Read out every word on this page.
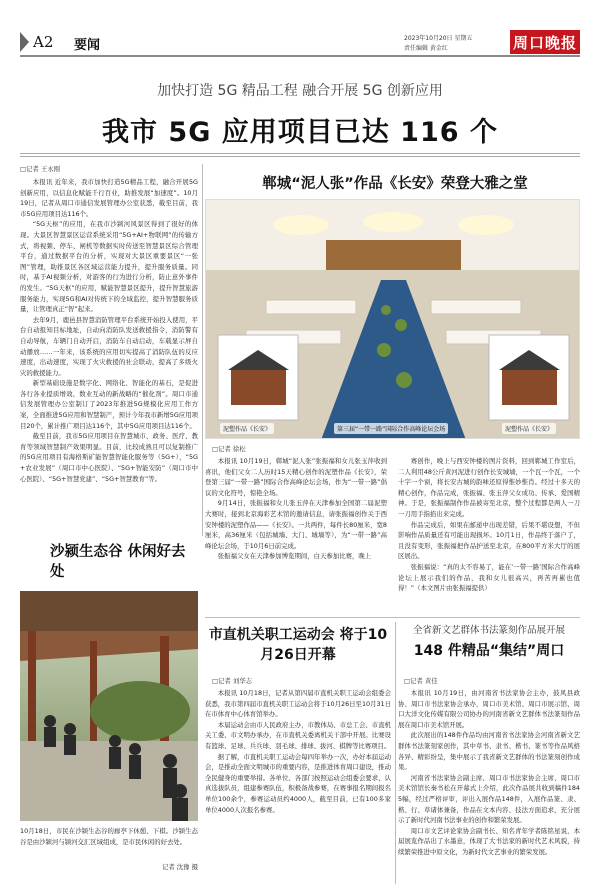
A2 要闻	2023年10月20日 星期五
责任编辑 黄金红	周口晚报
加快打造 5G 精品工程 融合开展 5G 创新应用
我市 5G 应用项目已达 116 个
□记者 王永刚

本报讯 近年来，我市加快打造5G精品工程，融合开展5G创新应用，以信息化赋能千行百业，助推发展“加速度”。10月19日，记者从周口市通信发展管理办公室获悉，截至目前，我市5G应用项目达116个。

“5G天枢”的应用，在我市沙颍河风景区得到了很好的体现。大景区智慧景区运营系统采用“5G+AI+物联网”的传输方式，将视频、停车、闸机等数据实时传送至智慧景区综合管理平台，通过数据平台的分析，实现对大景区重要景区“一张图”管理，助推景区各区域运营能力提升，提升服务质量。同时，基于AI视频分析，对游客的行为进行分析，防止意外事件的发生。“5G天枢”的应用，赋能智慧景区提升，提升智慧旅游服务能力，实现5G和AI对传统下的全域监控，提升智慧服务质量，让管理真正“智”起来。

去年9月，鹿邑县智慧消防管理平台系统开始投入使用，平台自动报知目标地址，自动向消防队发送救援指令，消防警有自动导航，车辆门自动开启，消防车自动启动，车载显示屏自动播放……一年来，该系统的应用切实提高了消防队伍的反应速度，出动速度，实现了火灾救援的社会联动，提高了多级火灾的救援能力。

新型基础设施是数字化、网络化、智能化的基石，是促进各行各业提质增效、数业互动的新战略的“催化剂”。周口市通信发展管理办公室制订了2023年推进5G规模化应用工作方案，全面推进5G应用和智慧制产，预计今年我市新增5G应用项目20个，累计推广项目达116个，其中5G应用项目达116个。

截至目前，我市5G应用项目在智慧城市、政务、医疗、教育等领域智慧制产效果明显。目前，比较成熟且可以复制推广的5G应用项目有海格斯矿能智慧智能化服务等（5G+），“5G+农业发展”（周口市中心医院）、“5G+智能安防”（周口市中心医院）、“5G+智慧党建”、“5G+智慧教育”等。

沙颍生态谷 休闲好去处
10月18日，市民在沙颍生态谷的廊亭下休憩、下棋。沙颍生态谷是由沙颍河与颍河交汇区域组成，是市民休闲的好去处。
记者 沈豫 摄
郸城“泥人张”作品《长安》荣登大雅之堂
泥塑作品《长安》	第三届“一带一路”国际合作高峰论坛会场	泥塑作品《长安》
□记者 徐松

本报讯 10月19日，郸城“泥人张”张振福和女儿张玉萍收到喜讯，他们父女二人历时15天精心创作的泥塑作品《长安》，荣登第三届“一带一路”国际合作高峰论坛会场，作为“一带一路”倡议的文化符号，惊艳全场。

9月14日，张振福和女儿张玉萍在天津参加全国第二届泥塑大赛时，接到北京海彩艺术馆的邀请信息，请张振福创作关于西安钟楼的泥塑作品——《长安》。一共两件，每件长80厘米，宽8厘米，高36厘米（包括城墙、大门、城墙等），为“一带一路”高峰论坛会场，于10月6日前完成。

张振福父女在天津参加博览期间，白天参加比赛，晚上

赛创作，晚上与西安钟楼的图片资料，回到郸城工作室后，二人利用48公斤黄河泥进行创作长安城墙，一个瓦一个瓦，一个十字一个窗，将长安古城的韵味还原得惟妙惟肖。经过十多天的精心创作，作品完成，张振福、张玉萍父女成功、传承、爱国精神。于是，张振福制作作品被寄至北京，整个过程都是两人一刀一刀用手指掐出来完成。

作品完成后，如果在邮递中出现差错，后果不堪设想，不但影响作品质量还有可能出现损坏。10月1日，作品终于落户了，且没有变形，张振福把作品护送至北京，在800平方米大厅的展区展出。

张振福说：“真的太不容易了，能在‘一带一路’国际合作高峰论坛上展示我们的作品，我和女儿很高兴，再苦再累也值得！”（本文图片由张振福提供）

市直机关职工运动会 将于10月26日开幕
□记者 刘华志

本报讯 10月18日，记者从第四届市直机关职工运动会组委会获悉，我市第四届市直机关职工运动会将于10月26日至10月31日在市体育中心体育馆举办。

本届运动会由市人民政府主办，市教体局、市总工会、市直机关工委、市文明办承办，在市直机关委离机关干部中开展。比赛设有篮球、足球、兵兵球、羽毛球、排球、拔河、棋牌等比赛项目。

据了解，市直机关职工运动会每四年举办一次，办好本届运动会，是推动全面文明城市的重要内容，是推进体育周口建设，推动全民健身的重要举措。各单位、各部门按照运动会组委会要求，认真选拔队员，组建参赛队伍，积极备战参赛，在赛事报名期间报名单位100余个，参赛运动员约4000人，截至目前，已有100多家单位4000人次报名参赛。

全省新文艺群体书法篆刻作品展开展
148 件精品“集结”周口
□记者 黄佳

本报讯 10月19日，由河南省书法家协会主办，鼓风县政协、周口市书法家协会承办，周口市美术馆、周口市展示馆、周口大洋文化传媒有限公司协办的河南省新文艺群体书法篆刻作品展在周口市美术馆开展。

此次展出的148件作品均由河南省书法家协会河南省新文艺群体书法篆刻家创作，其中草书、隶书、楷书、篆书等作品风格各异、精彩纷呈，集中展示了我省新文艺群体的书法篆刻创作成果。

河南省书法家协会副主席、周口市书法家协会主席、周口市美术馆馆长秦书松在开幕式上介绍，此次作品展共收到稿件1845幅，经过严格评审，评出入展作品148件，入展作品篆、隶、楷、行、草诸体兼备，作品在文本内容、技法方面追求，充分展示了新时代河南书法事业的创作和繁荣发展。

周口市文艺评论家协会副书长、知名青年学者陈铭星说，本届展览作品出了水墨意，体现了大书法家的新时代艺术风貌，持续繁荣推进中原文化，为新时代文艺事业的繁荣发展。
